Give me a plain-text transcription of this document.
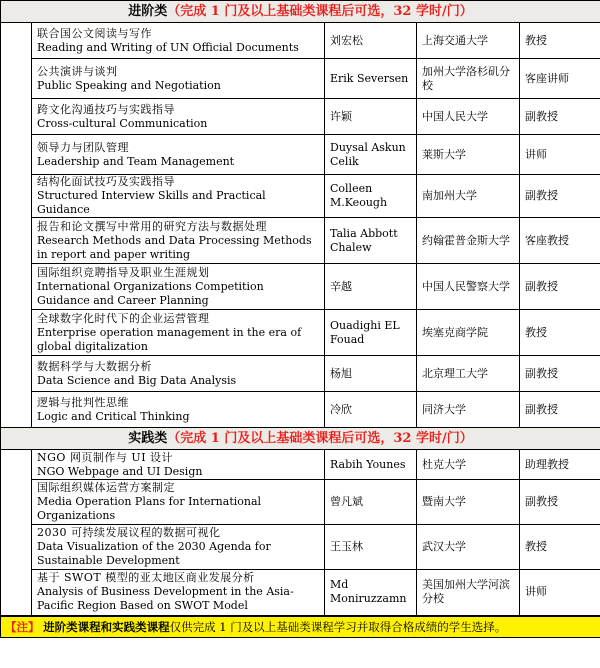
进阶类（完成 1 门及以上基础类课程后可选，32 学时/门）				

	联合国公文阅读与写作
Reading and Writing of UN Official Documents	刘宏松	上海交通大学	教授

	公共演讲与谈判
Public Speaking and Negotiation	Erik Seversen	加州大学洛杉矶分校	客座讲师

	跨文化沟通技巧与实践指导
Cross-cultural Communication	许颖	中国人民大学	副教授

	领导力与团队管理
Leadership and Team Management	Duysal Askun Celik	莱斯大学	讲师

	结构化面试技巧及实践指导
Structured Interview Skills and Practical Guidance	Colleen M.Keough	南加州大学	副教授

	报告和论文撰写中常用的研究方法与数据处理
Research Methods and Data Processing Methods in report and paper writing	Talia Abbott Chalew	约翰霍普金斯大学	客座教授

	国际组织竞聘指导及职业生涯规划
International Organizations Competition Guidance and Career Planning	辛越	中国人民警察大学	副教授

	全球数字化时代下的企业运营管理
Enterprise operation management in the era of global digitalization	Ouadighi EL Fouad	埃塞克商学院	教授

	数据科学与大数据分析
Data Science and Big Data Analysis	杨旭	北京理工大学	副教授

	逻辑与批判性思维
Logic and Critical Thinking	冷欣	同济大学	副教授
实践类（完成 1 门及以上基础类课程后可选，32 学时/门）				

	NGO 网页制作与 UI 设计
NGO Webpage and UI Design	Rabih Younes	杜克大学	助理教授

	国际组织媒体运营方案制定
Media Operation Plans for International Organizations	曾凡斌	暨南大学	副教授

	2030 可持续发展议程的数据可视化
Data Visualization of the 2030 Agenda for Sustainable Development	王玉林	武汉大学	教授

	基于 SWOT 模型的亚太地区商业发展分析
Analysis of Business Development in the Asia-Pacific Region Based on SWOT Model	Md Moniruzzamn	美国加州大学河滨分校	讲师
【注】 进阶类课程和实践类课程仅供完成 1 门及以上基础类课程学习并取得合格成绩的学生选择。				
